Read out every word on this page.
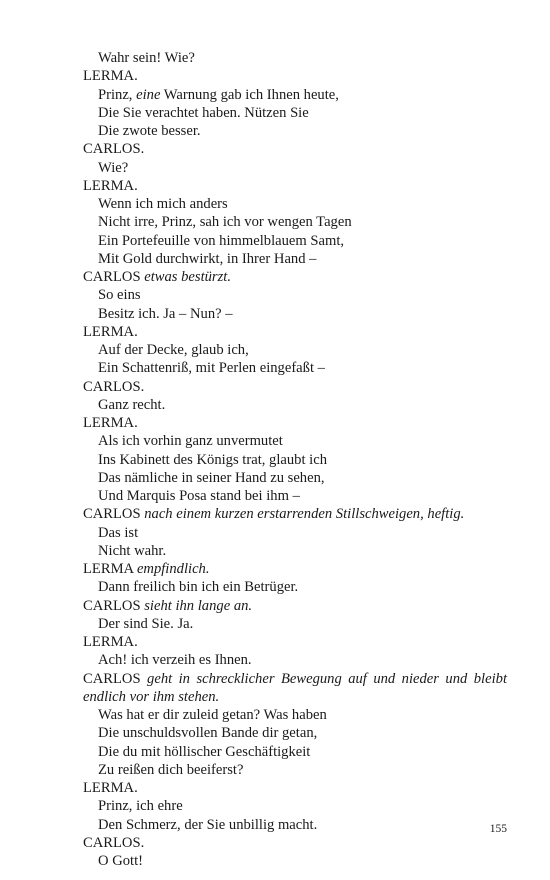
Wahr sein! Wie?
LERMA.
Prinz, eine Warnung gab ich Ihnen heute,
Die Sie verachtet haben. Nützen Sie
Die zwote besser.
CARLOS.
Wie?
LERMA.
Wenn ich mich anders
Nicht irre, Prinz, sah ich vor wengen Tagen
Ein Portefeuille von himmelblauem Samt,
Mit Gold durchwirkt, in Ihrer Hand –
CARLOS etwas bestürzt.
So eins
Besitz ich. Ja – Nun? –
LERMA.
Auf der Decke, glaub ich,
Ein Schattenriß, mit Perlen eingefaßt –
CARLOS.
Ganz recht.
LERMA.
Als ich vorhin ganz unvermutet
Ins Kabinett des Königs trat, glaubt ich
Das nämliche in seiner Hand zu sehen,
Und Marquis Posa stand bei ihm –
CARLOS nach einem kurzen erstarrenden Stillschweigen, heftig.
Das ist
Nicht wahr.
LERMA empfindlich.
Dann freilich bin ich ein Betrüger.
CARLOS sieht ihn lange an.
Der sind Sie. Ja.
LERMA.
Ach! ich verzeih es Ihnen.
CARLOS geht in schrecklicher Bewegung auf und nieder und bleibt endlich vor ihm stehen.
Was hat er dir zuleid getan? Was haben
Die unschuldsvollen Bande dir getan,
Die du mit höllischer Geschäftigkeit
Zu reißen dich beeiferst?
LERMA.
Prinz, ich ehre
Den Schmerz, der Sie unbillig macht.
CARLOS.
O Gott!
155
